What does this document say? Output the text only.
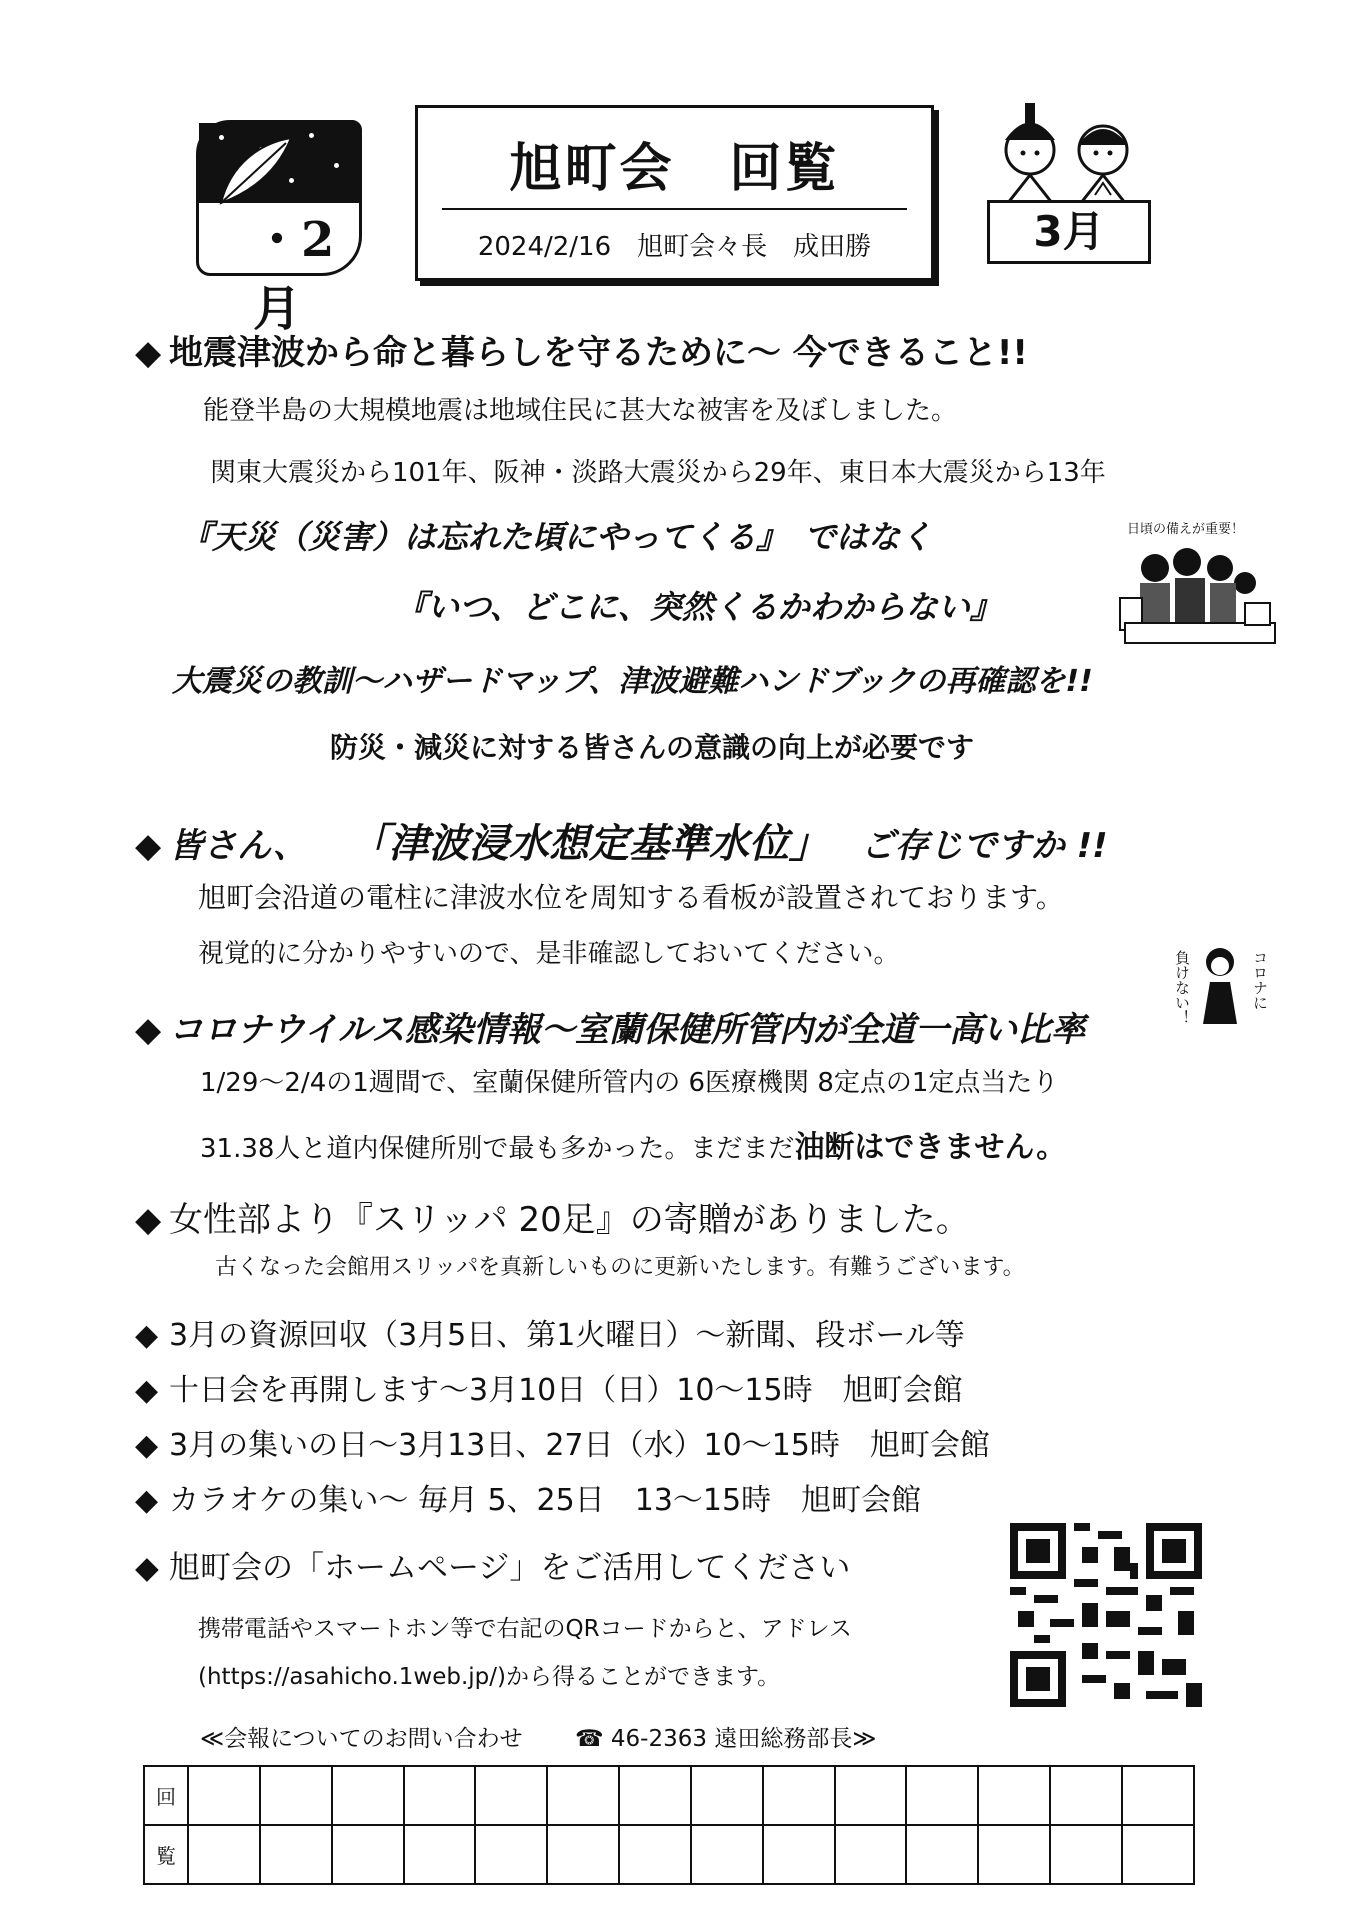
・2月
旭町会　回覧
2024/2/16　旭町会々長　成田勝	3月
◆ 地震津波から命と暮らしを守るために～ 今できること!!
能登半島の大規模地震は地域住民に甚大な被害を及ぼしました。
関東大震災から101年、阪神・淡路大震災から29年、東日本大震災から13年
『天災（災害）は忘れた頃にやってくる』　ではなく
『いつ、どこに、突然くるかわからない』
日頃の備えが重要！
大震災の教訓～ハザードマップ、津波避難ハンドブックの再確認を!!
防災・減災に対する皆さんの意識の向上が必要です
◆ 皆さん、 「津波浸水想定基準水位」 ご存じですか !!
旭町会沿道の電柱に津波水位を周知する看板が設置されております。
視覚的に分かりやすいので、是非確認しておいてください。	負けない！	コロナに
◆ コロナウイルス感染情報～室蘭保健所管内が全道一高い比率
1/29～2/4の1週間で、室蘭保健所管内の 6医療機関 8定点の1定点当たり
31.38人と道内保健所別で最も多かった。まだまだ油断はできません。
◆ 女性部より『スリッパ 20足』の寄贈がありました。
古くなった会館用スリッパを真新しいものに更新いたします。有難うございます。
◆ 3月の資源回収（3月5日、第1火曜日）～新聞、段ボール等
◆ 十日会を再開します～3月10日（日）10～15時　旭町会館
◆ 3月の集いの日～3月13日、27日（水）10～15時　旭町会館
◆ カラオケの集い～ 毎月 5、25日　13～15時　旭町会館
◆ 旭町会の「ホームページ」をご活用してください
携帯電話やスマートホン等で右記のQRコードからと、アドレス
(https://asahicho.1web.jp/)から得ることができます。
≪会報についてのお問い合わせ ☎ 46-2363 遠田総務部長≫
回														
覧														
